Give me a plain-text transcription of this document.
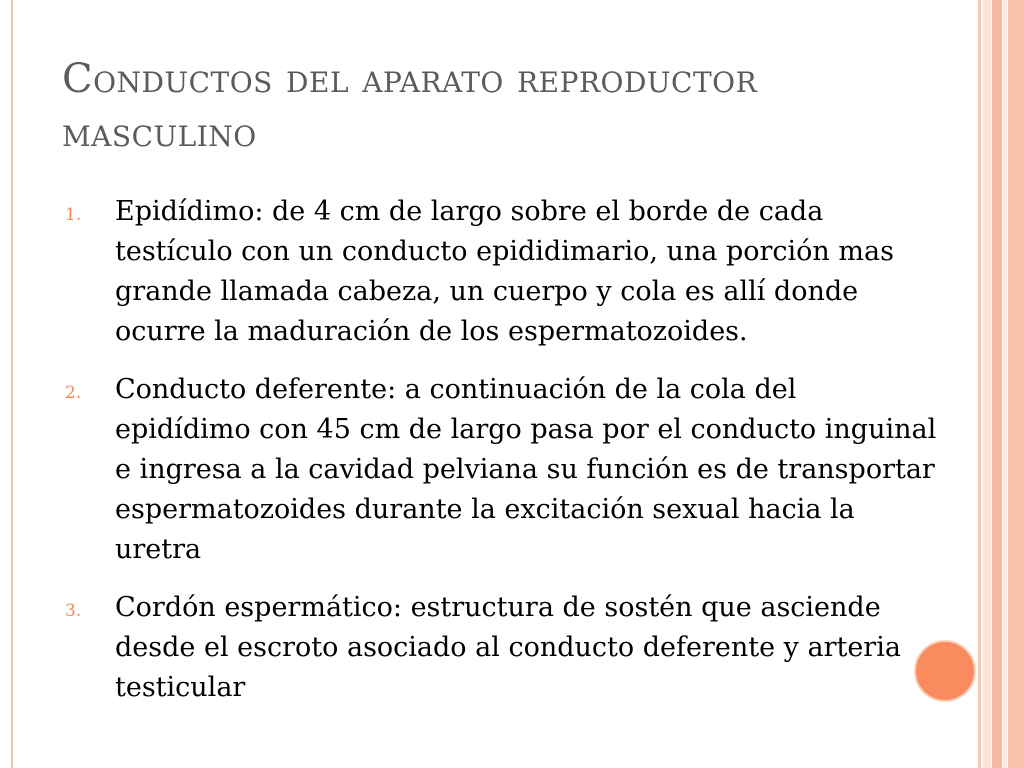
Conductos del aparato reproductor masculino
1. Epidídimo: de 4 cm de largo sobre el borde de cada testículo con un conducto epididimario, una porción mas grande llamada cabeza, un cuerpo y cola es allí donde ocurre la maduración de los espermatozoides.
2. Conducto deferente: a continuación de la cola del epidídimo con 45 cm de largo pasa por el conducto inguinal e ingresa a la cavidad pelviana su función es de transportar espermatozoides durante la excitación sexual hacia la uretra
3. Cordón espermático: estructura de sostén que asciende desde el escroto asociado al conducto deferente y arteria testicular
